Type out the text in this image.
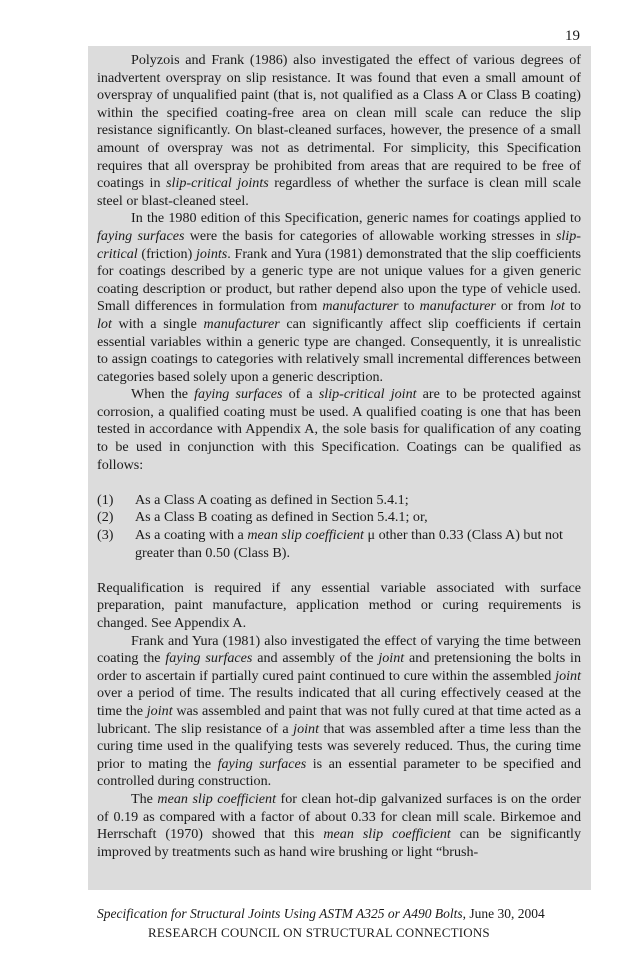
19

Polyzois and Frank (1986) also investigated the effect of various degrees of inadvertent overspray on slip resistance. It was found that even a small amount of overspray of unqualified paint (that is, not qualified as a Class A or Class B coating) within the specified coating-free area on clean mill scale can reduce the slip resistance significantly. On blast-cleaned surfaces, however, the presence of a small amount of overspray was not as detrimental. For simplicity, this Specification requires that all overspray be prohibited from areas that are required to be free of coatings in slip-critical joints regardless of whether the surface is clean mill scale steel or blast-cleaned steel.

In the 1980 edition of this Specification, generic names for coatings applied to faying surfaces were the basis for categories of allowable working stresses in slip-critical (friction) joints. Frank and Yura (1981) demonstrated that the slip coefficients for coatings described by a generic type are not unique values for a given generic coating description or product, but rather depend also upon the type of vehicle used. Small differences in formulation from manufacturer to manufacturer or from lot to lot with a single manufacturer can significantly affect slip coefficients if certain essential variables within a generic type are changed. Consequently, it is unrealistic to assign coatings to categories with relatively small incremental differences between categories based solely upon a generic description.

When the faying surfaces of a slip-critical joint are to be protected against corrosion, a qualified coating must be used. A qualified coating is one that has been tested in accordance with Appendix A, the sole basis for qualification of any coating to be used in conjunction with this Specification. Coatings can be qualified as follows:

(1)	As a Class A coating as defined in Section 5.4.1;
(2)	As a Class B coating as defined in Section 5.4.1; or,
(3)	As a coating with a mean slip coefficient μ other than 0.33 (Class A) but not greater than 0.50 (Class B).

Requalification is required if any essential variable associated with surface preparation, paint manufacture, application method or curing requirements is changed. See Appendix A.

Frank and Yura (1981) also investigated the effect of varying the time between coating the faying surfaces and assembly of the joint and pretensioning the bolts in order to ascertain if partially cured paint continued to cure within the assembled joint over a period of time. The results indicated that all curing effectively ceased at the time the joint was assembled and paint that was not fully cured at that time acted as a lubricant. The slip resistance of a joint that was assembled after a time less than the curing time used in the qualifying tests was severely reduced. Thus, the curing time prior to mating the faying surfaces is an essential parameter to be specified and controlled during construction.

The mean slip coefficient for clean hot-dip galvanized surfaces is on the order of 0.19 as compared with a factor of about 0.33 for clean mill scale. Birkemoe and Herrschaft (1970) showed that this mean slip coefficient can be significantly improved by treatments such as hand wire brushing or light “brush-

Specification for Structural Joints Using ASTM A325 or A490 Bolts, June 30, 2004
RESEARCH COUNCIL ON STRUCTURAL CONNECTIONS
